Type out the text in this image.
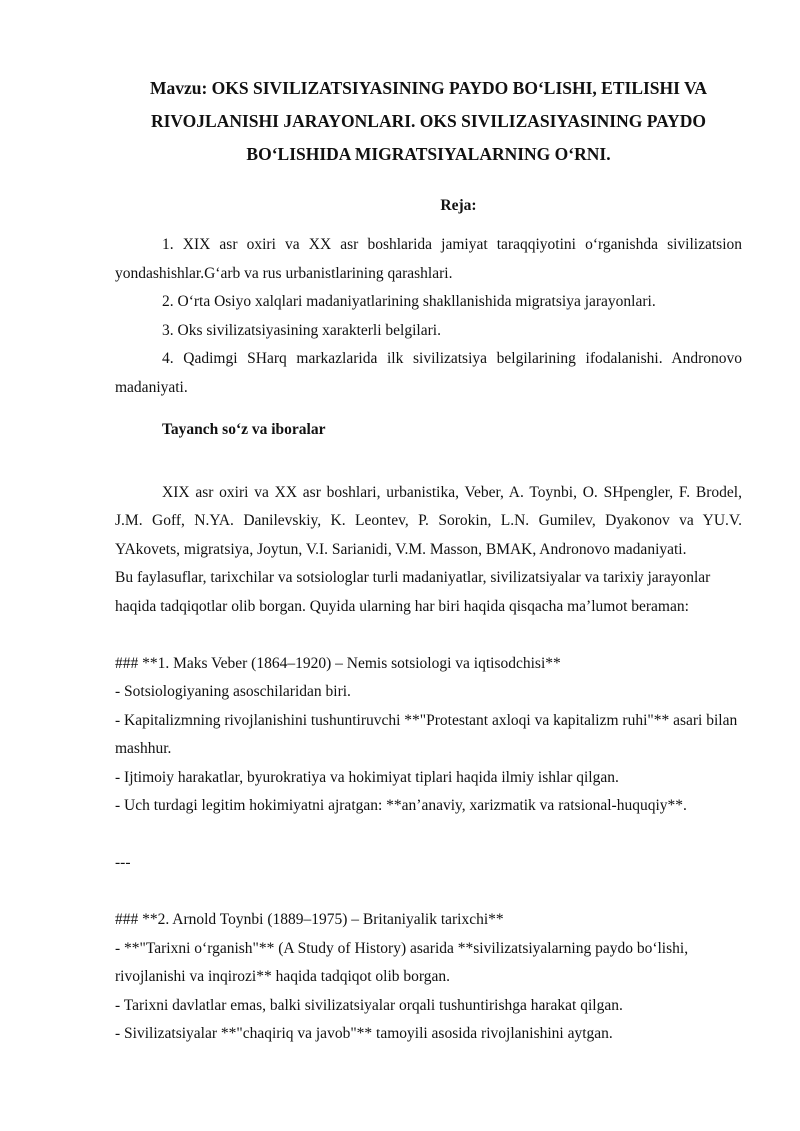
Mavzu: OKS SIVILIZATSIYASINING PAYDO BO‘LISHI, ETILISHI VA RIVOJLANISHI JARAYONLARI. OKS SIVILIZASIYASINING PAYDO BO‘LISHIDA MIGRATSIYALARNING O‘RNI.
Reja:

1. XIX asr oxiri va XX asr boshlarida jamiyat taraqqiyotini o‘rganishda sivilizatsion yondashishlar.G‘arb va rus urbanistlarining qarashlari.

2. O‘rta Osiyo xalqlari madaniyatlarining shakllanishida migratsiya jarayonlari.

3. Oks sivilizatsiyasining xarakterli belgilari.

4. Qadimgi SHarq markazlarida ilk sivilizatsiya belgilarining ifodalanishi. Andronovo madaniyati.

Tayanch so‘z va iboralar

XIX asr oxiri va XX asr boshlari, urbanistika, Veber, A. Toynbi, O. SHpengler, F. Brodel, J.M. Goff, N.YA. Danilevskiy, K. Leontev, P. Sorokin, L.N. Gumilev, Dyakonov va YU.V. YAkovets, migratsiya, Joytun, V.I. Sarianidi, V.M. Masson, BMAK, Andronovo madaniyati.

Bu faylasuflar, tarixchilar va sotsiologlar turli madaniyatlar, sivilizatsiyalar va tarixiy jarayonlar haqida tadqiqotlar olib borgan. Quyida ularning har biri haqida qisqacha ma’lumot beraman:

### **1. Maks Veber (1864–1920) – Nemis sotsiologi va iqtisodchisi**

- Sotsiologiyaning asoschilaridan biri.

- Kapitalizmning rivojlanishini tushuntiruvchi **"Protestant axloqi va kapitalizm ruhi"** asari bilan mashhur.

- Ijtimoiy harakatlar, byurokratiya va hokimiyat tiplari haqida ilmiy ishlar qilgan.

- Uch turdagi legitim hokimiyatni ajratgan: **an’anaviy, xarizmatik va ratsional-huquqiy**.

---

### **2. Arnold Toynbi (1889–1975) – Britaniyalik tarixchi**

- **"Tarixni o‘rganish"** (A Study of History) asarida **sivilizatsiyalarning paydo bo‘lishi, rivojlanishi va inqirozi** haqida tadqiqot olib borgan.

- Tarixni davlatlar emas, balki sivilizatsiyalar orqali tushuntirishga harakat qilgan.

- Sivilizatsiyalar **"chaqiriq va javob"** tamoyili asosida rivojlanishini aytgan.
